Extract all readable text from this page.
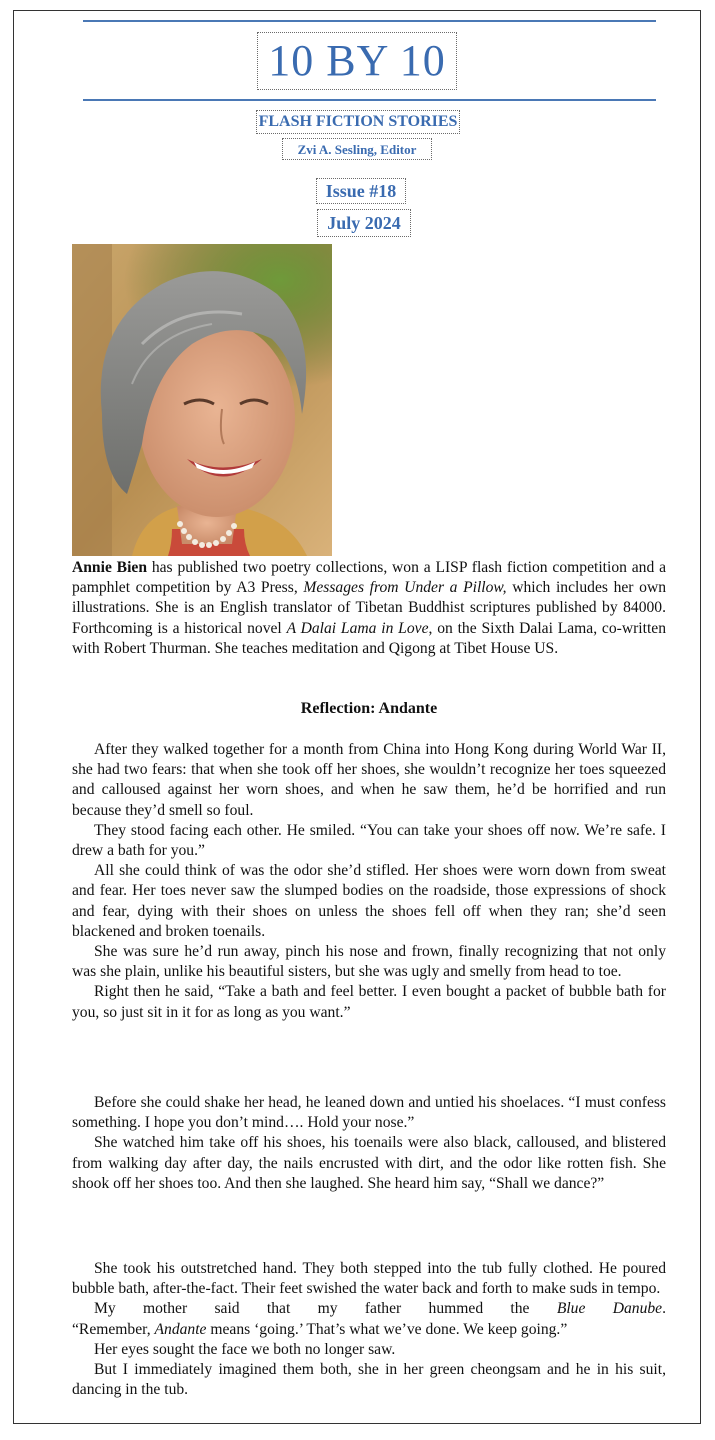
10 BY 10
FLASH FICTION STORIES
Zvi A. Sesling, Editor
Issue #18
July 2024

Annie Bien has published two poetry collections, won a LISP flash fiction competition and a pamphlet competition by A3 Press, Messages from Under a Pillow, which includes her own illustrations. She is an English translator of Tibetan Buddhist scriptures published by 84000. Forthcoming is a historical novel A Dalai Lama in Love, on the Sixth Dalai Lama, co-written with Robert Thurman. She teaches meditation and Qigong at Tibet House US.

Reflection: Andante

After they walked together for a month from China into Hong Kong during World War II, she had two fears: that when she took off her shoes, she wouldn’t recognize her toes squeezed and calloused against her worn shoes, and when he saw them, he’d be horrified and run because they’d smell so foul.

They stood facing each other. He smiled. “You can take your shoes off now. We’re safe. I drew a bath for you.”

All she could think of was the odor she’d stifled. Her shoes were worn down from sweat and fear. Her toes never saw the slumped bodies on the roadside, those expressions of shock and fear, dying with their shoes on unless the shoes fell off when they ran; she’d seen blackened and broken toenails.

She was sure he’d run away, pinch his nose and frown, finally recognizing that not only was she plain, unlike his beautiful sisters, but she was ugly and smelly from head to toe.

Right then he said, “Take a bath and feel better. I even bought a packet of bubble bath for you, so just sit in it for as long as you want.”

Before she could shake her head, he leaned down and untied his shoelaces. “I must confess something. I hope you don’t mind…. Hold your nose.”

She watched him take off his shoes, his toenails were also black, calloused, and blistered from walking day after day, the nails encrusted with dirt, and the odor like rotten fish. She shook off her shoes too. And then she laughed. She heard him say, “Shall we dance?”

She took his outstretched hand. They both stepped into the tub fully clothed. He poured bubble bath, after-the-fact. Their feet swished the water back and forth to make suds in tempo.

My mother said that my father hummed the Blue Danube.

“Remember, Andante means ‘going.’ That’s what we’ve done. We keep going.”

Her eyes sought the face we both no longer saw.

But I immediately imagined them both, she in her green cheongsam and he in his suit, dancing in the tub.
